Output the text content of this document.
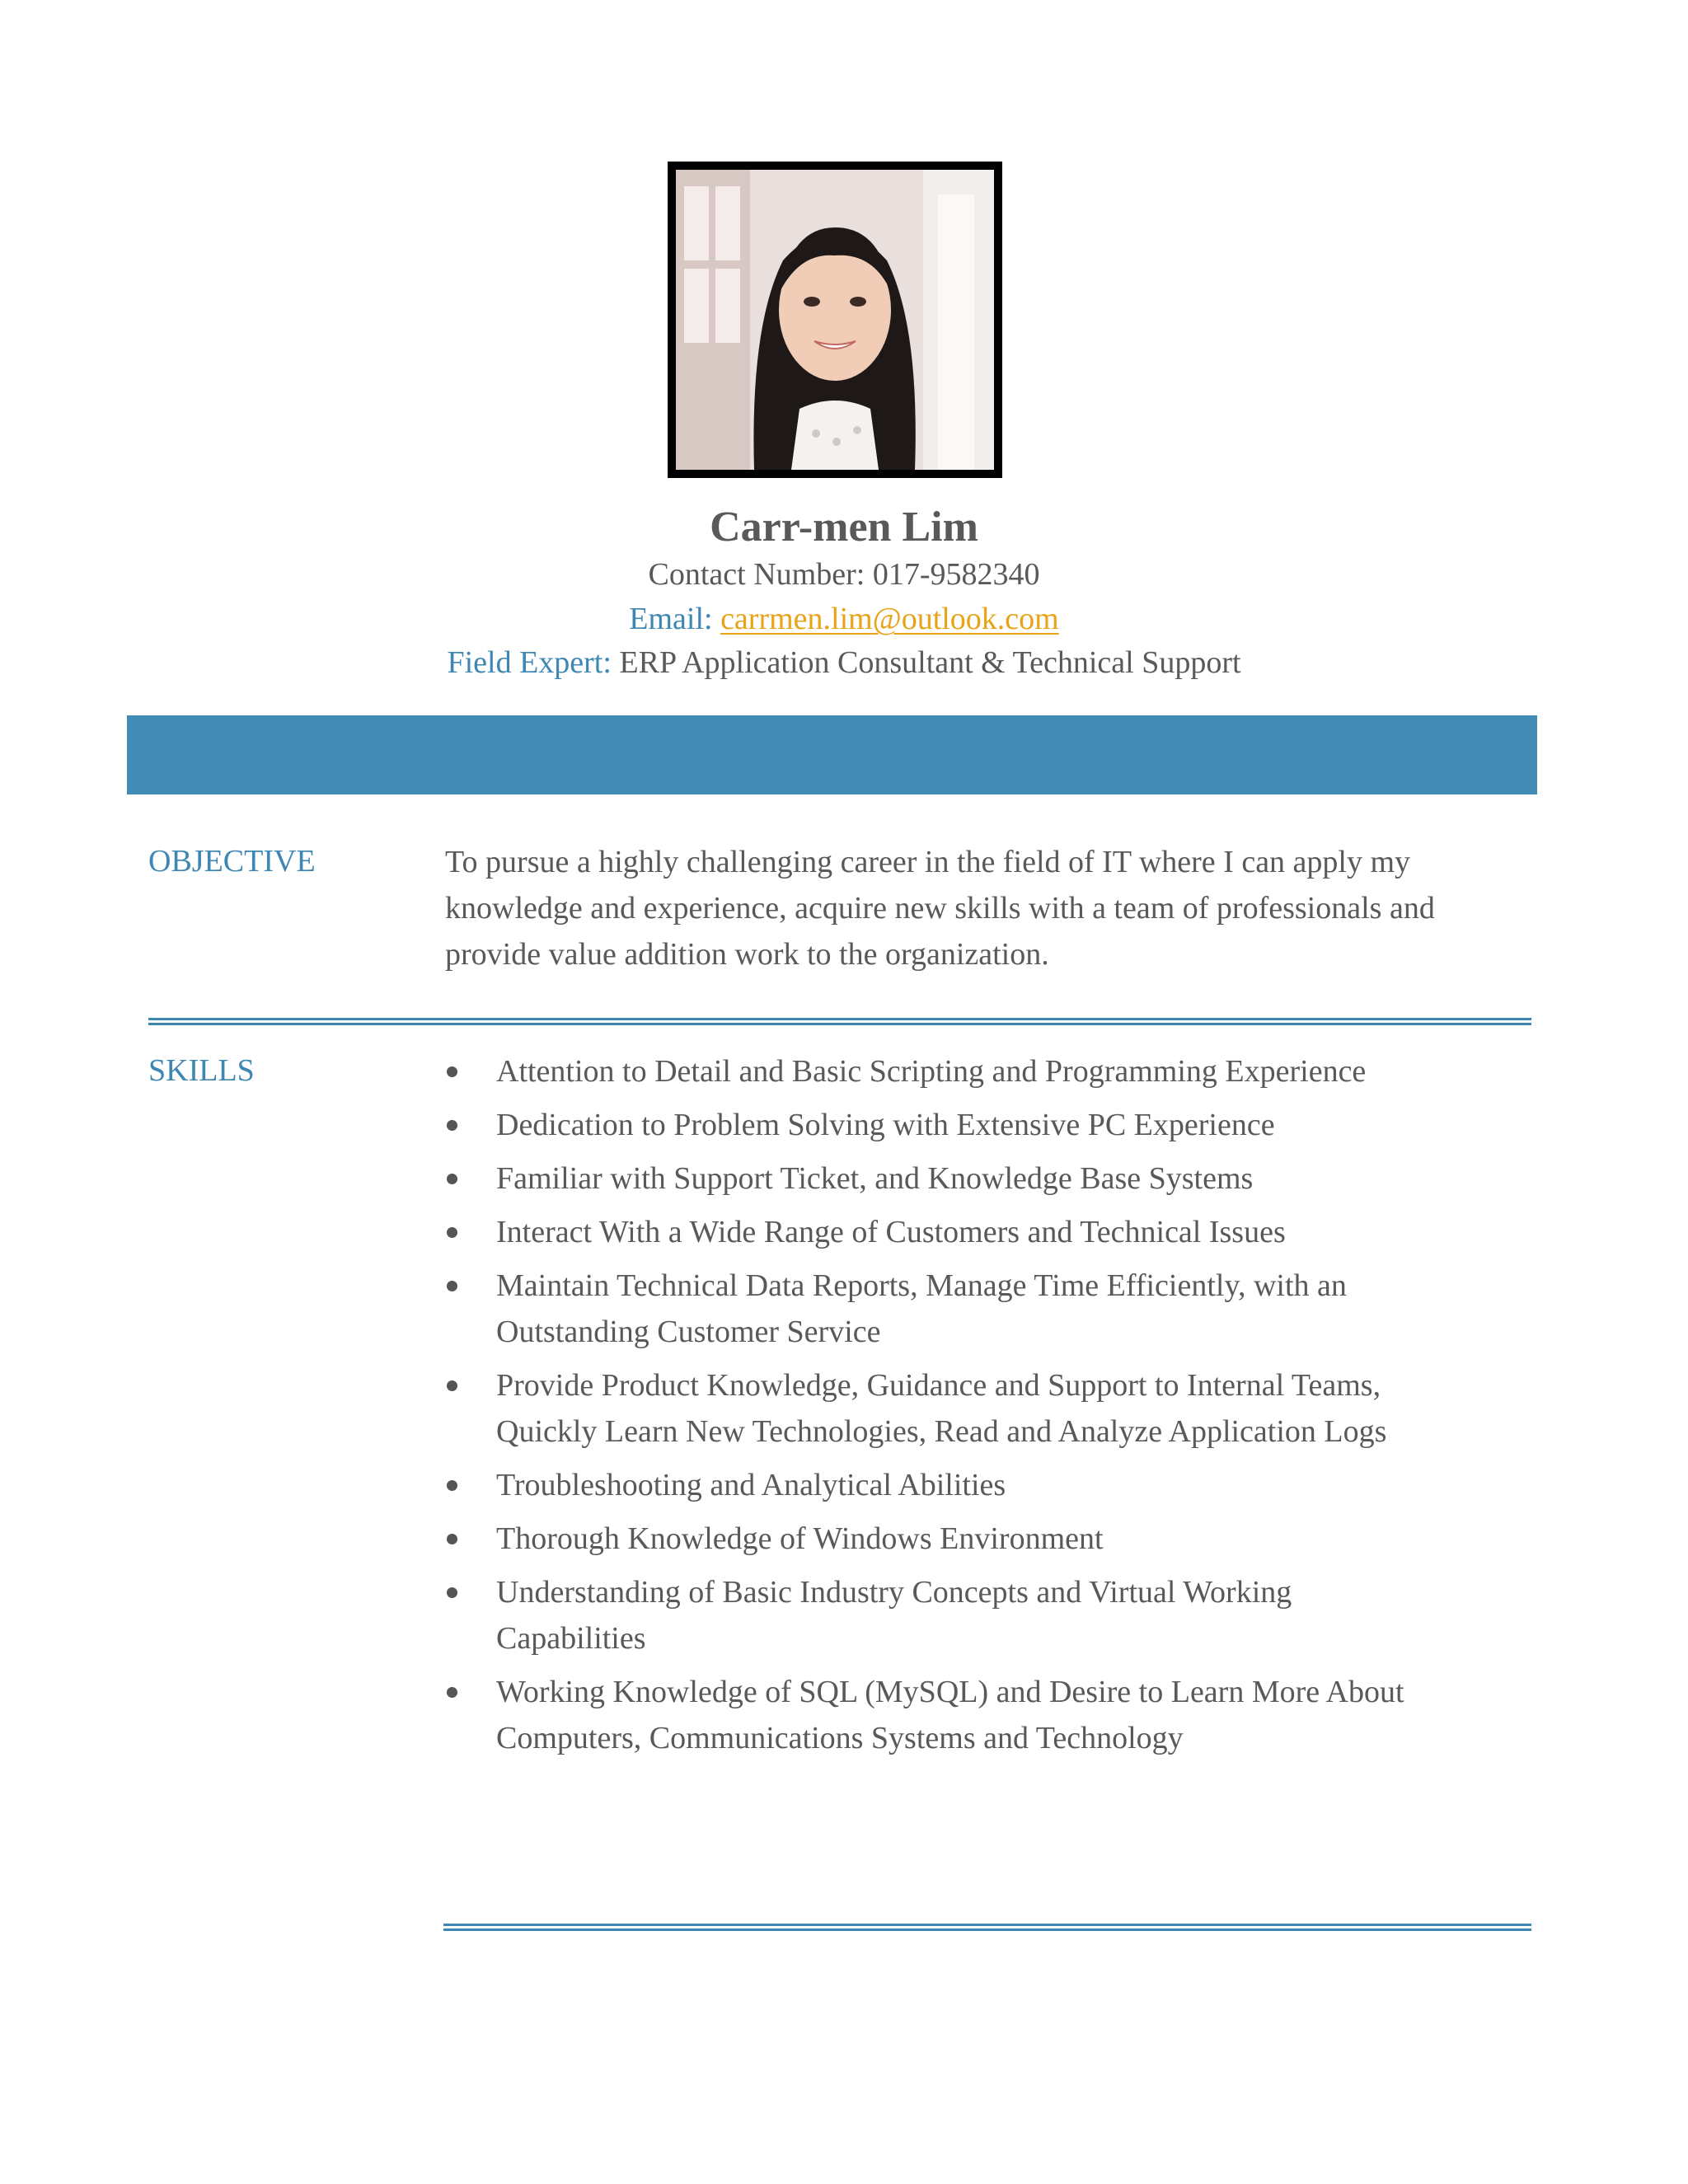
Carr-men Lim
Contact Number: 017-9582340
Email: carrmen.lim@outlook.com
Field Expert: ERP Application Consultant & Technical Support
OBJECTIVE	To pursue a highly challenging career in the field of IT where I can apply my knowledge and experience, acquire new skills with a team of professionals and provide value addition work to the organization.
SKILLS	Attention to Detail and Basic Scripting and Programming Experience
Dedication to Problem Solving with Extensive PC Experience
Familiar with Support Ticket, and Knowledge Base Systems
Interact With a Wide Range of Customers and Technical Issues
Maintain Technical Data Reports, Manage Time Efficiently, with an Outstanding Customer Service
Provide Product Knowledge, Guidance and Support to Internal Teams, Quickly Learn New Technologies, Read and Analyze Application Logs
Troubleshooting and Analytical Abilities
Thorough Knowledge of Windows Environment
Understanding of Basic Industry Concepts and Virtual Working Capabilities
Working Knowledge of SQL (MySQL) and Desire to Learn More About Computers, Communications Systems and Technology
